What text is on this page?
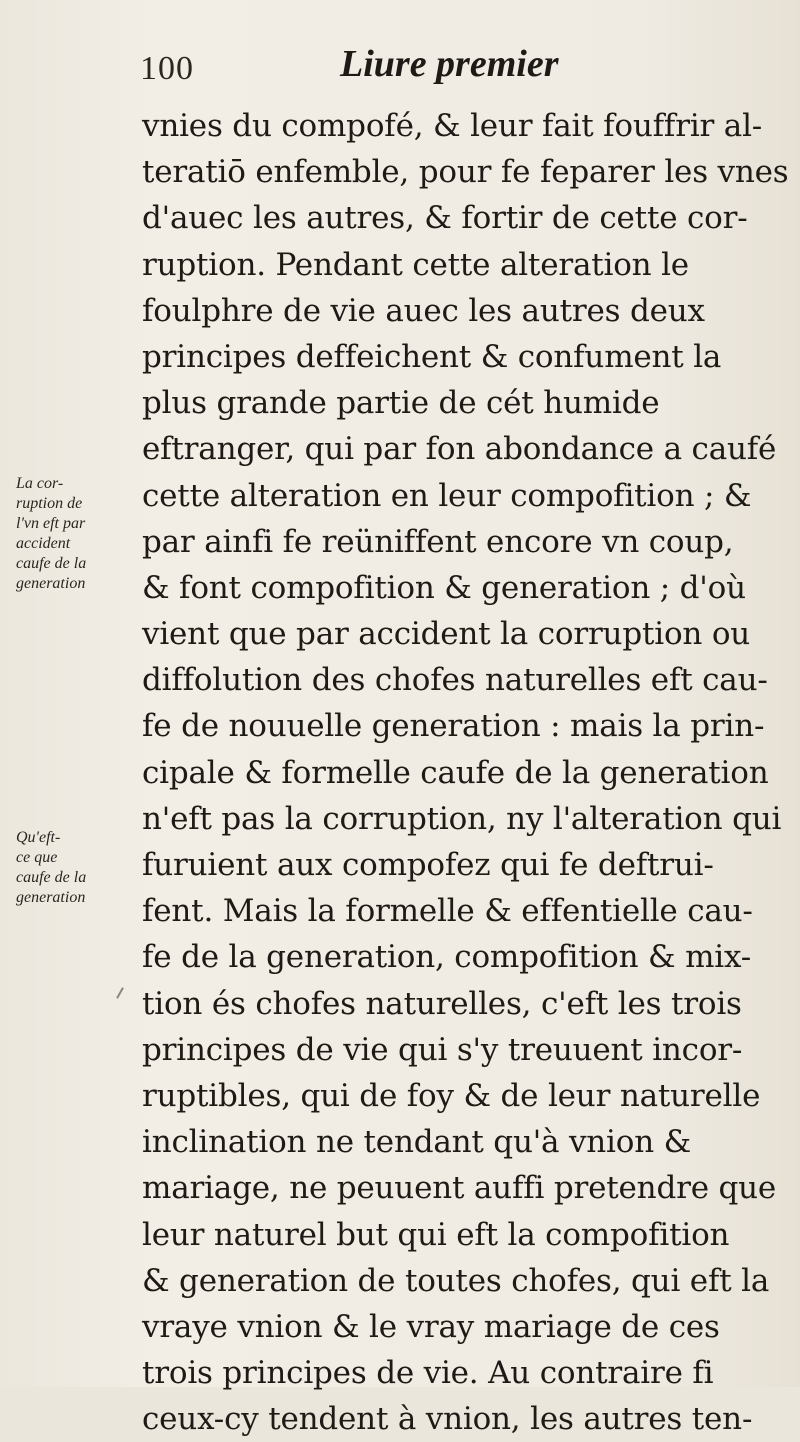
100	Liure premier
La cor-
ruption de
l'vn eft par
accident
caufe de la
generation
Qu'eft-
ce que
caufe de la
generation
vnies du compofé, & leur fait fouffrir al-
teratiō enfemble, pour fe feparer les vnes
d'auec les autres, & fortir de cette cor-
ruption. Pendant cette alteration le
foulphre de vie auec les autres deux
principes deffeichent & confument la
plus grande partie de cét humide
eftranger, qui par fon abondance a caufé
cette alteration en leur compofition ; &
par ainfi fe reüniffent encore vn coup,
& font compofition & generation ; d'où
vient que par accident la corruption ou
diffolution des chofes naturelles eft cau-
fe de nouuelle generation : mais la prin-
cipale & formelle caufe de la generation
n'eft pas la corruption, ny l'alteration qui
furuient aux compofez qui fe deftrui-
fent. Mais la formelle & effentielle cau-
fe de la generation, compofition & mix-
tion és chofes naturelles, c'eft les trois
principes de vie qui s'y treuuent incor-
ruptibles, qui de foy & de leur naturelle
inclination ne tendant qu'à vnion &
mariage, ne peuuent auffi pretendre que
leur naturel but qui eft la compofition
& generation de toutes chofes, qui eft la
vraye vnion & le vray mariage de ces
trois principes de vie. Au contraire fi
ceux-cy tendent à vnion, les autres ten-
